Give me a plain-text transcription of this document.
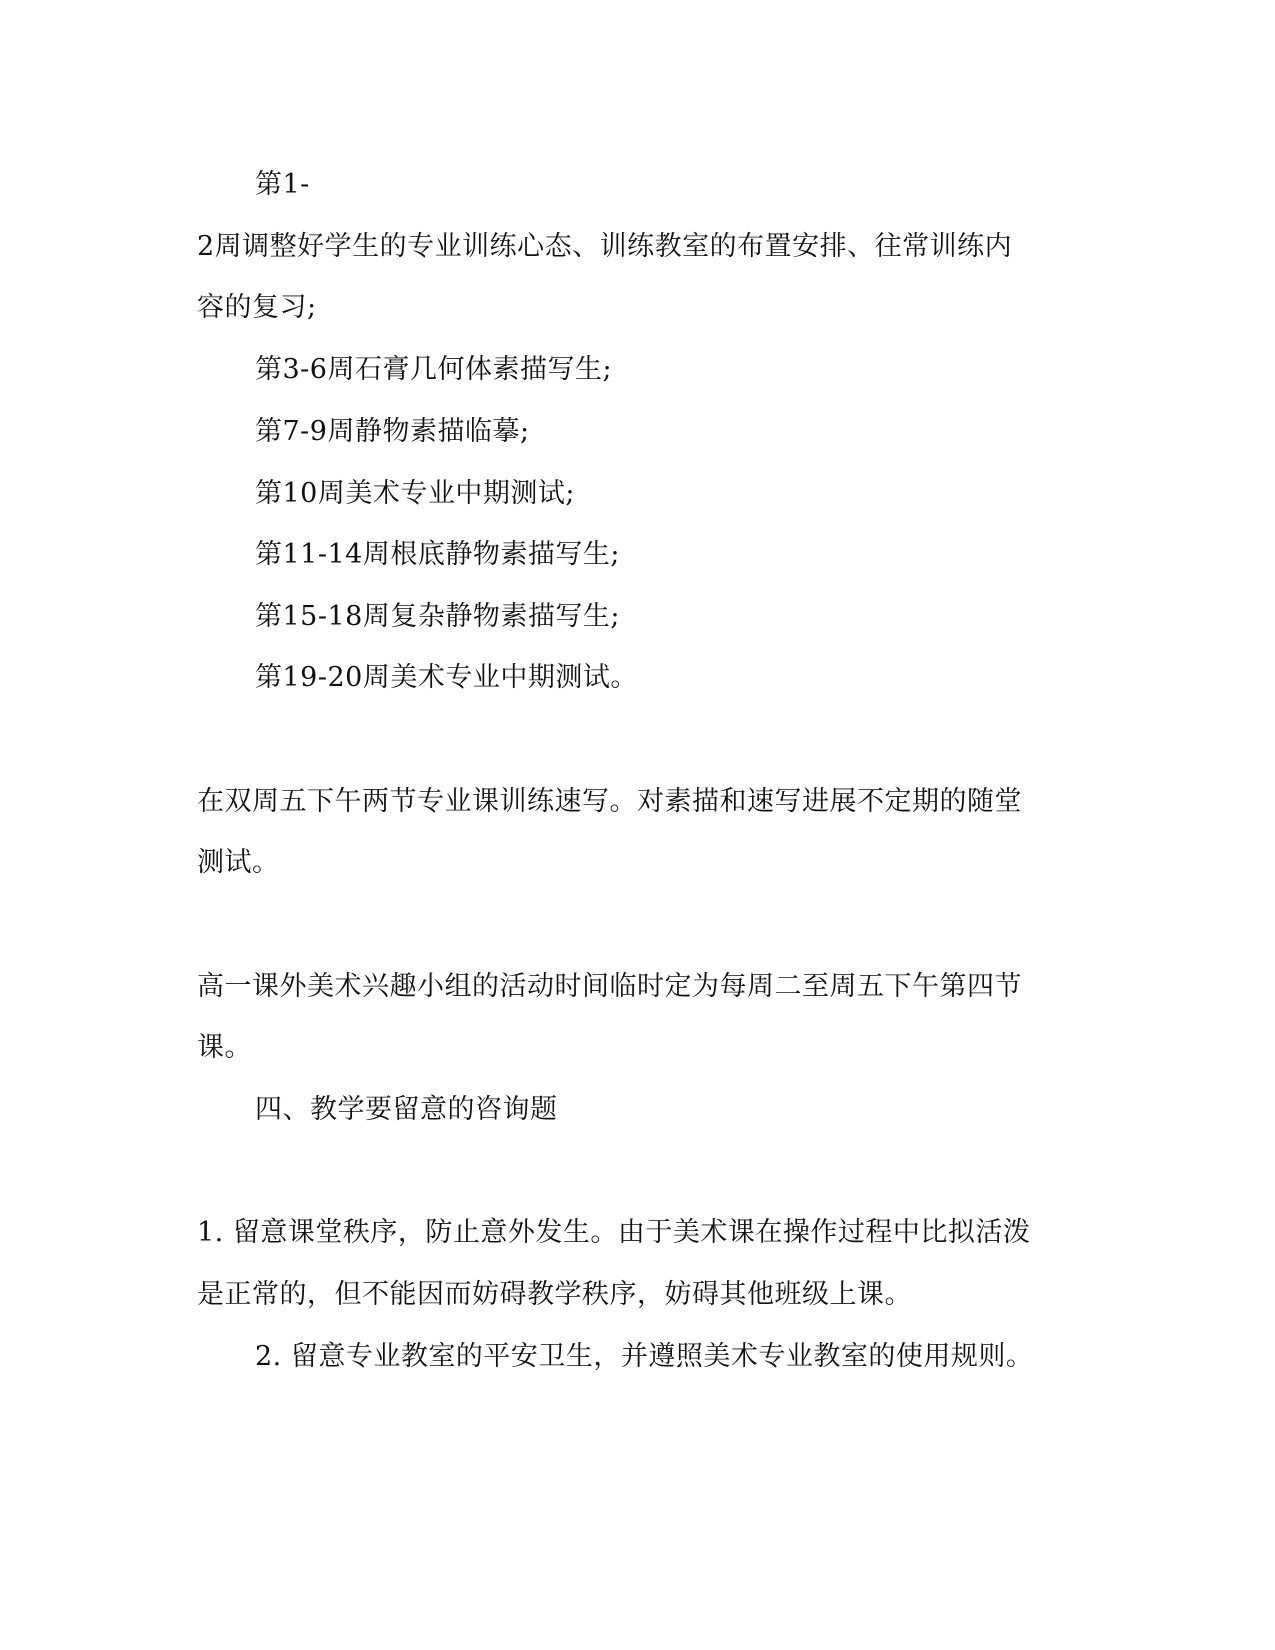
第1-
2周调整好学生的专业训练心态、训练教室的布置安排、往常训练内
容的复习;
第3-6周石膏几何体素描写生;
第7-9周静物素描临摹;
第10周美术专业中期测试;
第11-14周根底静物素描写生;
第15-18周复杂静物素描写生;
第19-20周美术专业中期测试。
在双周五下午两节专业课训练速写。对素描和速写进展不定期的随堂
测试。
高一课外美术兴趣小组的活动时间临时定为每周二至周五下午第四节
课。
四、教学要留意的咨询题
1. 留意课堂秩序，防止意外发生。由于美术课在操作过程中比拟活泼
是正常的，但不能因而妨碍教学秩序，妨碍其他班级上课。
2. 留意专业教室的平安卫生，并遵照美术专业教室的使用规则。
